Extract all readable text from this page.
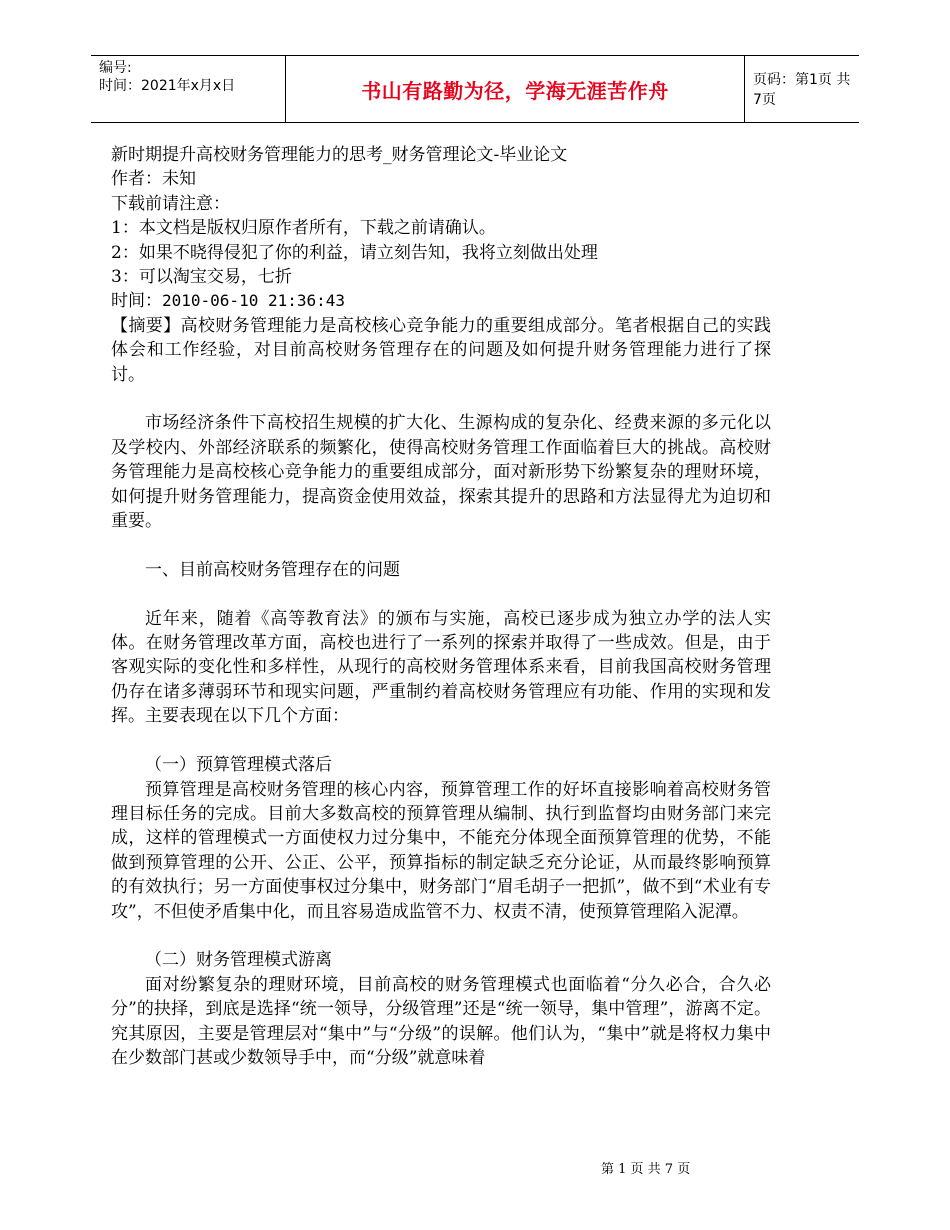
编号:
时间：2021年x月x日	书山有路勤为径，学海无涯苦作舟	页码：第1页 共7页

新时期提升高校财务管理能力的思考_财务管理论文-毕业论文

作者：未知

下载前请注意：

1：本文档是版权归原作者所有，下载之前请确认。

2：如果不晓得侵犯了你的利益，请立刻告知，我将立刻做出处理

3：可以淘宝交易，七折

时间：2010-06-10 21:36:43

【摘要】高校财务管理能力是高校核心竞争能力的重要组成部分。笔者根据自己的实践体会和工作经验，对目前高校财务管理存在的问题及如何提升财务管理能力进行了探讨。

市场经济条件下高校招生规模的扩大化、生源构成的复杂化、经费来源的多元化以及学校内、外部经济联系的频繁化，使得高校财务管理工作面临着巨大的挑战。高校财务管理能力是高校核心竞争能力的重要组成部分，面对新形势下纷繁复杂的理财环境，如何提升财务管理能力，提高资金使用效益，探索其提升的思路和方法显得尤为迫切和重要。

一、目前高校财务管理存在的问题

近年来，随着《高等教育法》的颁布与实施，高校已逐步成为独立办学的法人实体。在财务管理改革方面，高校也进行了一系列的探索并取得了一些成效。但是，由于客观实际的变化性和多样性，从现行的高校财务管理体系来看，目前我国高校财务管理仍存在诸多薄弱环节和现实问题，严重制约着高校财务管理应有功能、作用的实现和发挥。主要表现在以下几个方面：

（一）预算管理模式落后

预算管理是高校财务管理的核心内容，预算管理工作的好坏直接影响着高校财务管理目标任务的完成。目前大多数高校的预算管理从编制、执行到监督均由财务部门来完成，这样的管理模式一方面使权力过分集中，不能充分体现全面预算管理的优势，不能做到预算管理的公开、公正、公平，预算指标的制定缺乏充分论证，从而最终影响预算的有效执行；另一方面使事权过分集中，财务部门“眉毛胡子一把抓”，做不到“术业有专攻”，不但使矛盾集中化，而且容易造成监管不力、权责不清，使预算管理陷入泥潭。

（二）财务管理模式游离

面对纷繁复杂的理财环境，目前高校的财务管理模式也面临着“分久必合，合久必分”的抉择，到底是选择“统一领导，分级管理”还是“统一领导，集中管理”，游离不定。究其原因，主要是管理层对“集中”与“分级”的误解。他们认为，“集中”就是将权力集中在少数部门甚或少数领导手中，而“分级”就意味着

第 1 页 共 7 页
